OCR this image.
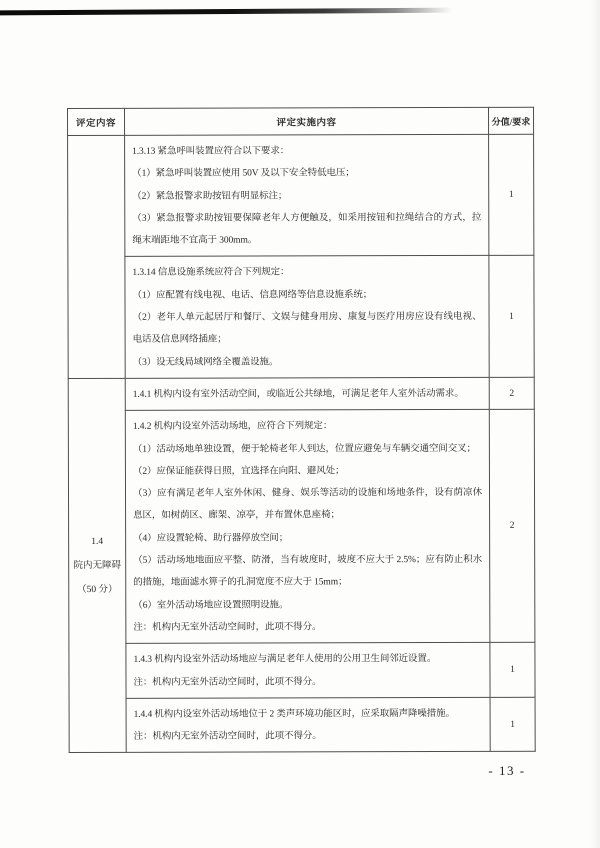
评定内容	评定实施内容	分值/要求

	1.3.13 紧急呼叫装置应符合以下要求：

（1）紧急呼叫装置应使用 50V 及以下安全特低电压；

（2）紧急报警求助按钮有明显标注；

（3）紧急报警求助按钮要保障老年人方便触及，如采用按钮和拉绳结合的方式，拉绳末端距地不宜高于 300mm。	1

	1.3.14 信息设施系统应符合下列规定：

（1）应配置有线电视、电话、信息网络等信息设施系统；

（2）老年人单元起居厅和餐厅、文娱与健身用房、康复与医疗用房应设有线电视、电话及信息网络插座；

（3）设无线局域网络全覆盖设施。	1

1.4
院内无障碍
（50 分）	1.4.1 机构内设有室外活动空间，或临近公共绿地，可满足老年人室外活动需求。	2

1.4.2 机构内设室外活动场地，应符合下列规定：

（1）活动场地单独设置，便于轮椅老年人到达，位置应避免与车辆交通空间交叉；

（2）应保证能获得日照，宜选择在向阳、避风处；

（3）应有满足老年人室外休闲、健身、娱乐等活动的设施和场地条件，设有荫凉休息区，如树荫区、廊架、凉亭，并布置休息座椅；

（4）应设置轮椅、助行器停放空间；

（5）活动场地地面应平整、防滑，当有坡度时，坡度不应大于 2.5%；应有防止积水的措施，地面滤水箅子的孔洞宽度不应大于 15mm；

（6）室外活动场地应设置照明设施。

注：机构内无室外活动空间时，此项不得分。

	2

	1.4.3 机构内设室外活动场地应与满足老年人使用的公用卫生间邻近设置。

注：机构内无室外活动空间时，此项不得分。	1

	1.4.4 机构内设室外活动场地位于 2 类声环境功能区时，应采取隔声降噪措施。

注：机构内无室外活动空间时，此项不得分。	1
- 13 -
